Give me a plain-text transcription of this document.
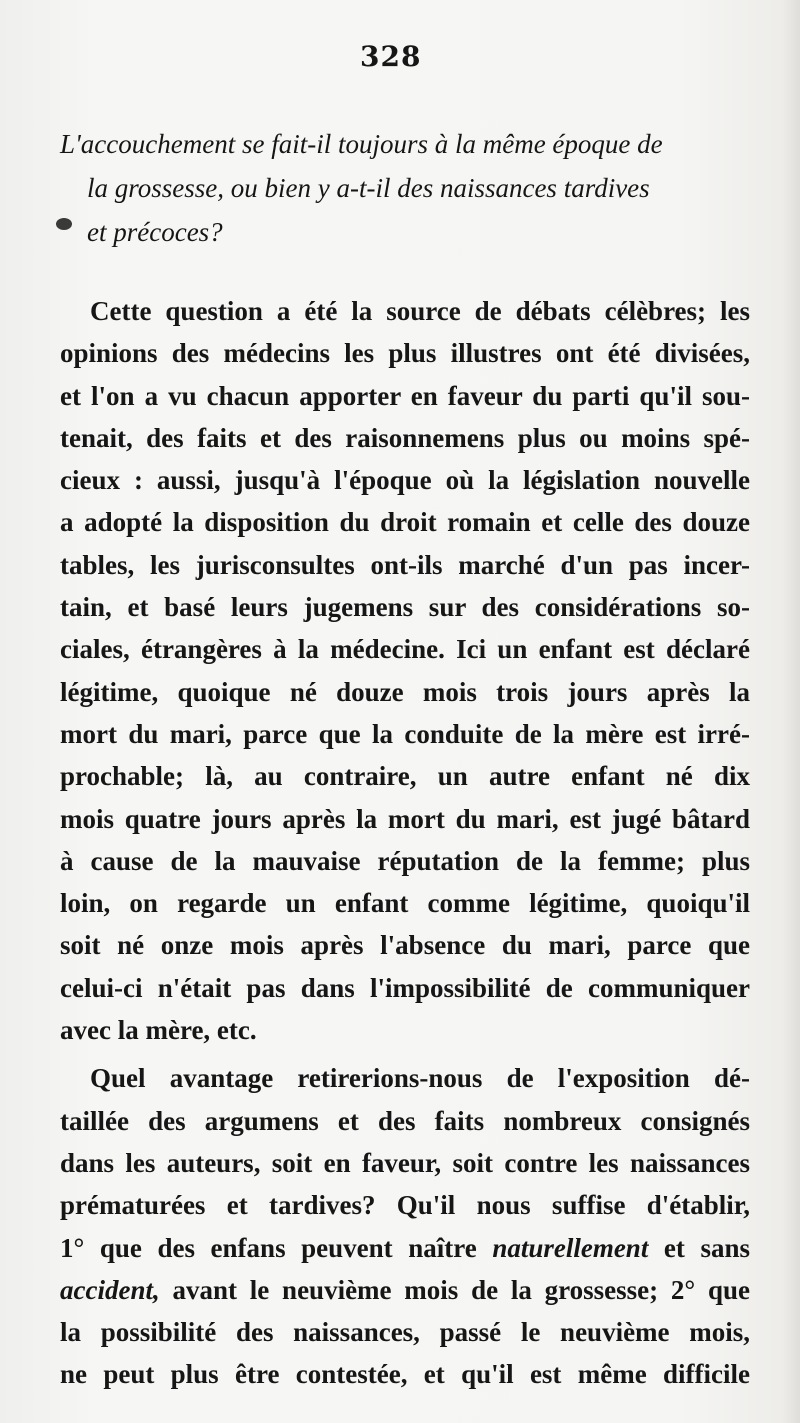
328
L'accouchement se fait-il toujours à la même époque de
la grossesse, ou bien y a-t-il des naissances tardives
et précoces?
Cette question a été la source de débats célèbres; les
opinions des médecins les plus illustres ont été divisées,
et l'on a vu chacun apporter en faveur du parti qu'il sou-
tenait, des faits et des raisonnemens plus ou moins spé-
cieux : aussi, jusqu'à l'époque où la législation nouvelle
a adopté la disposition du droit romain et celle des douze
tables, les jurisconsultes ont-ils marché d'un pas incer-
tain, et basé leurs jugemens sur des considérations so-
ciales, étrangères à la médecine. Ici un enfant est déclaré
légitime, quoique né douze mois trois jours après la
mort du mari, parce que la conduite de la mère est irré-
prochable; là, au contraire, un autre enfant né dix
mois quatre jours après la mort du mari, est jugé bâtard
à cause de la mauvaise réputation de la femme; plus
loin, on regarde un enfant comme légitime, quoiqu'il
soit né onze mois après l'absence du mari, parce que
celui-ci n'était pas dans l'impossibilité de communiquer
avec la mère, etc.
Quel avantage retirerions-nous de l'exposition dé-
taillée des argumens et des faits nombreux consignés
dans les auteurs, soit en faveur, soit contre les naissances
prématurées et tardives? Qu'il nous suffise d'établir,
1° que des enfans peuvent naître naturellement et sans
accident, avant le neuvième mois de la grossesse; 2° que
la possibilité des naissances, passé le neuvième mois,
ne peut plus être contestée, et qu'il est même difficile
